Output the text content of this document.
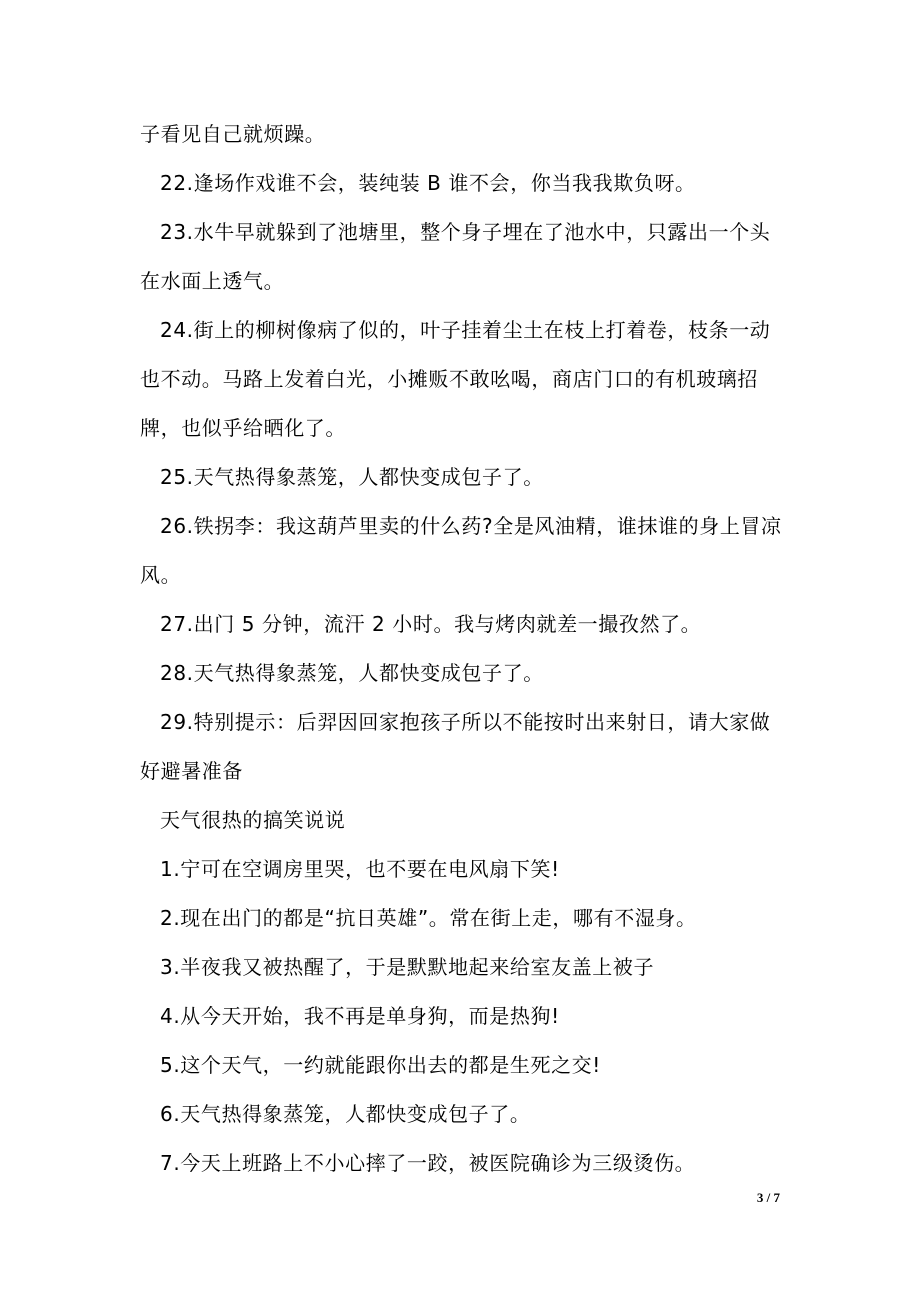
子看见自己就烦躁。

22.逢场作戏谁不会，装纯装 B 谁不会，你当我我欺负呀。

23.水牛早就躲到了池塘里，整个身子埋在了池水中，只露出一个头在水面上透气。

24.街上的柳树像病了似的，叶子挂着尘土在枝上打着卷，枝条一动也不动。马路上发着白光，小摊贩不敢吆喝，商店门口的有机玻璃招牌，也似乎给晒化了。

25.天气热得象蒸笼，人都快变成包子了。

26.铁拐李：我这葫芦里卖的什么药?全是风油精，谁抹谁的身上冒凉风。

27.出门 5 分钟，流汗 2 小时。我与烤肉就差一撮孜然了。

28.天气热得象蒸笼，人都快变成包子了。

29.特别提示：后羿因回家抱孩子所以不能按时出来射日，请大家做好避暑准备

天气很热的搞笑说说

1.宁可在空调房里哭，也不要在电风扇下笑!

2.现在出门的都是“抗日英雄”。常在街上走，哪有不湿身。

3.半夜我又被热醒了，于是默默地起来给室友盖上被子

4.从今天开始，我不再是单身狗，而是热狗!

5.这个天气，一约就能跟你出去的都是生死之交!

6.天气热得象蒸笼，人都快变成包子了。

7.今天上班路上不小心摔了一跤，被医院确诊为三级烫伤。

3 / 7
